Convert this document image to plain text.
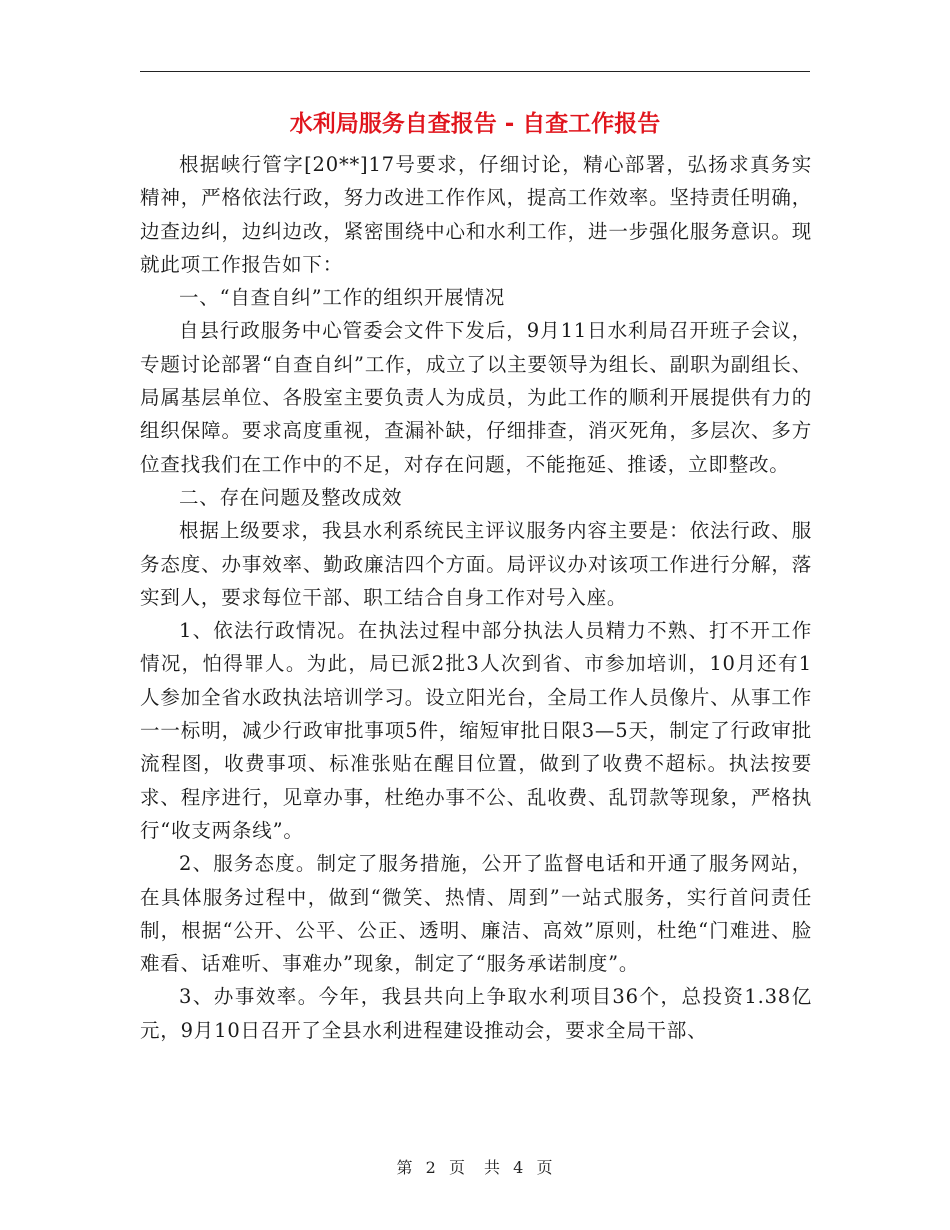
水利局服务自查报告 - 自查工作报告

根据峡行管字[20**]17号要求，仔细讨论，精心部署，弘扬求真务实精神，严格依法行政，努力改进工作作风，提高工作效率。坚持责任明确，边查边纠，边纠边改，紧密围绕中心和水利工作，进一步强化服务意识。现就此项工作报告如下：

一、“自查自纠”工作的组织开展情况

自县行政服务中心管委会文件下发后，9月11日水利局召开班子会议，专题讨论部署“自查自纠”工作，成立了以主要领导为组长、副职为副组长、局属基层单位、各股室主要负责人为成员，为此工作的顺利开展提供有力的组织保障。要求高度重视，查漏补缺，仔细排查，消灭死角，多层次、多方位查找我们在工作中的不足，对存在问题，不能拖延、推诿，立即整改。

二、存在问题及整改成效

根据上级要求，我县水利系统民主评议服务内容主要是：依法行政、服务态度、办事效率、勤政廉洁四个方面。局评议办对该项工作进行分解，落实到人，要求每位干部、职工结合自身工作对号入座。

1、依法行政情况。在执法过程中部分执法人员精力不熟、打不开工作情况，怕得罪人。为此，局已派2批3人次到省、市参加培训，10月还有1人参加全省水政执法培训学习。设立阳光台，全局工作人员像片、从事工作一一标明，减少行政审批事项5件，缩短审批日限3—5天，制定了行政审批流程图，收费事项、标准张贴在醒目位置，做到了收费不超标。执法按要求、程序进行，见章办事，杜绝办事不公、乱收费、乱罚款等现象，严格执行“收支两条线”。

2、服务态度。制定了服务措施，公开了监督电话和开通了服务网站，在具体服务过程中，做到“微笑、热情、周到”一站式服务，实行首问责任制，根据“公开、公平、公正、透明、廉洁、高效”原则，杜绝“门难进、脸难看、话难听、事难办”现象，制定了“服务承诺制度”。

3、办事效率。今年，我县共向上争取水利项目36个，总投资1.38亿元，9月10日召开了全县水利进程建设推动会，要求全局干部、

第 2 页 共 4 页
